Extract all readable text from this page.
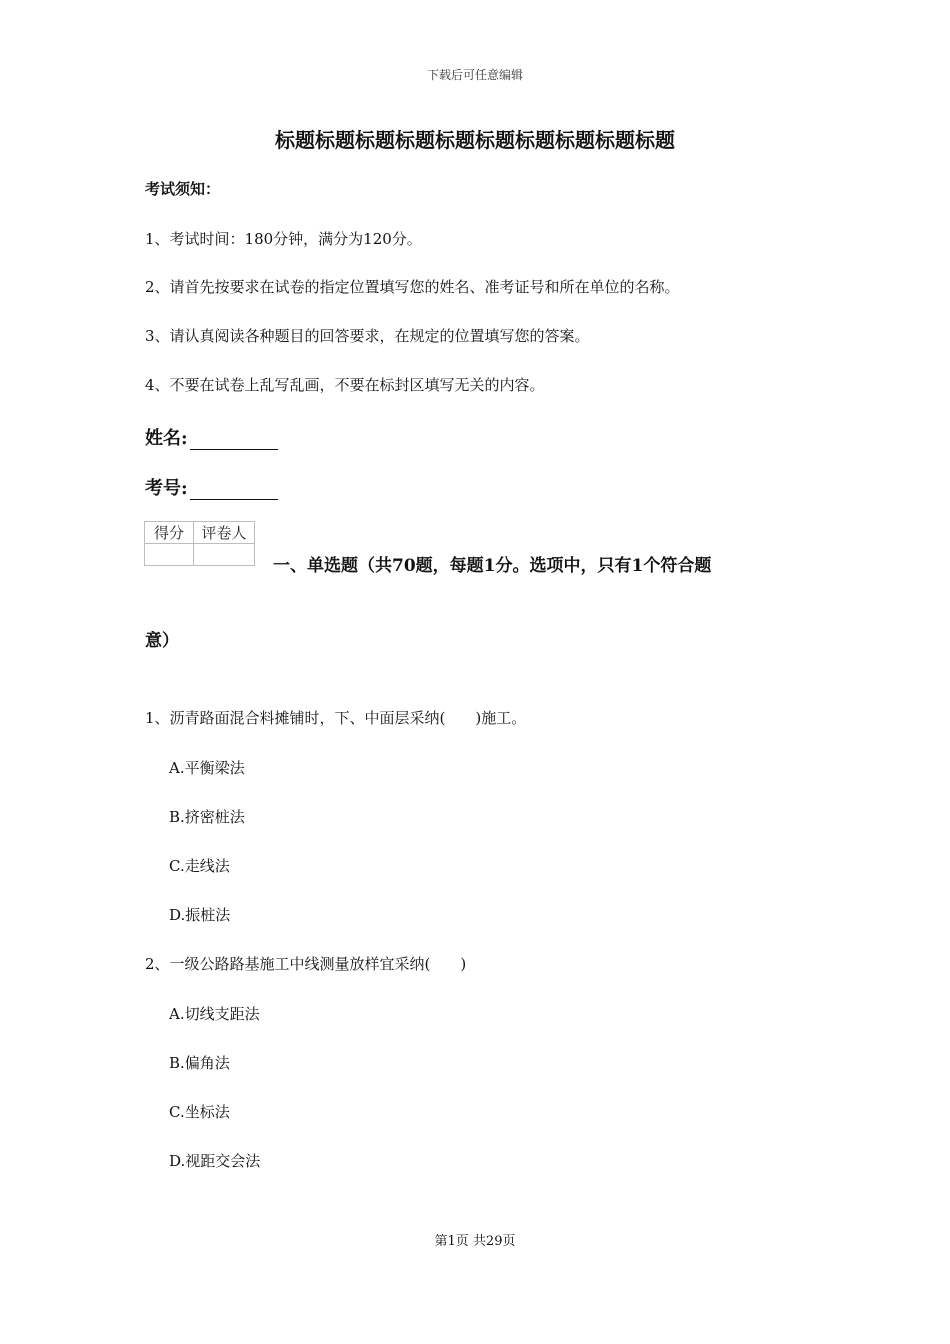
下载后可任意编辑
标题标题标题标题标题标题标题标题标题标题
考试须知：
1、考试时间：180分钟，满分为120分。
2、请首先按要求在试卷的指定位置填写您的姓名、准考证号和所在单位的名称。
3、请认真阅读各种题目的回答要求，在规定的位置填写您的答案。
4、不要在试卷上乱写乱画，不要在标封区填写无关的内容。
姓名:
考号:
得分	评卷人

一、单选题（共70题，每题1分。选项中，只有1个符合题
意）
1、沥青路面混合料摊铺时，下、中面层采纳(　　)施工。
A.平衡梁法
B.挤密桩法
C.走线法
D.振桩法
2、一级公路路基施工中线测量放样宜采纳(　　)
A.切线支距法
B.偏角法
C.坐标法
D.视距交会法
第1页 共29页
